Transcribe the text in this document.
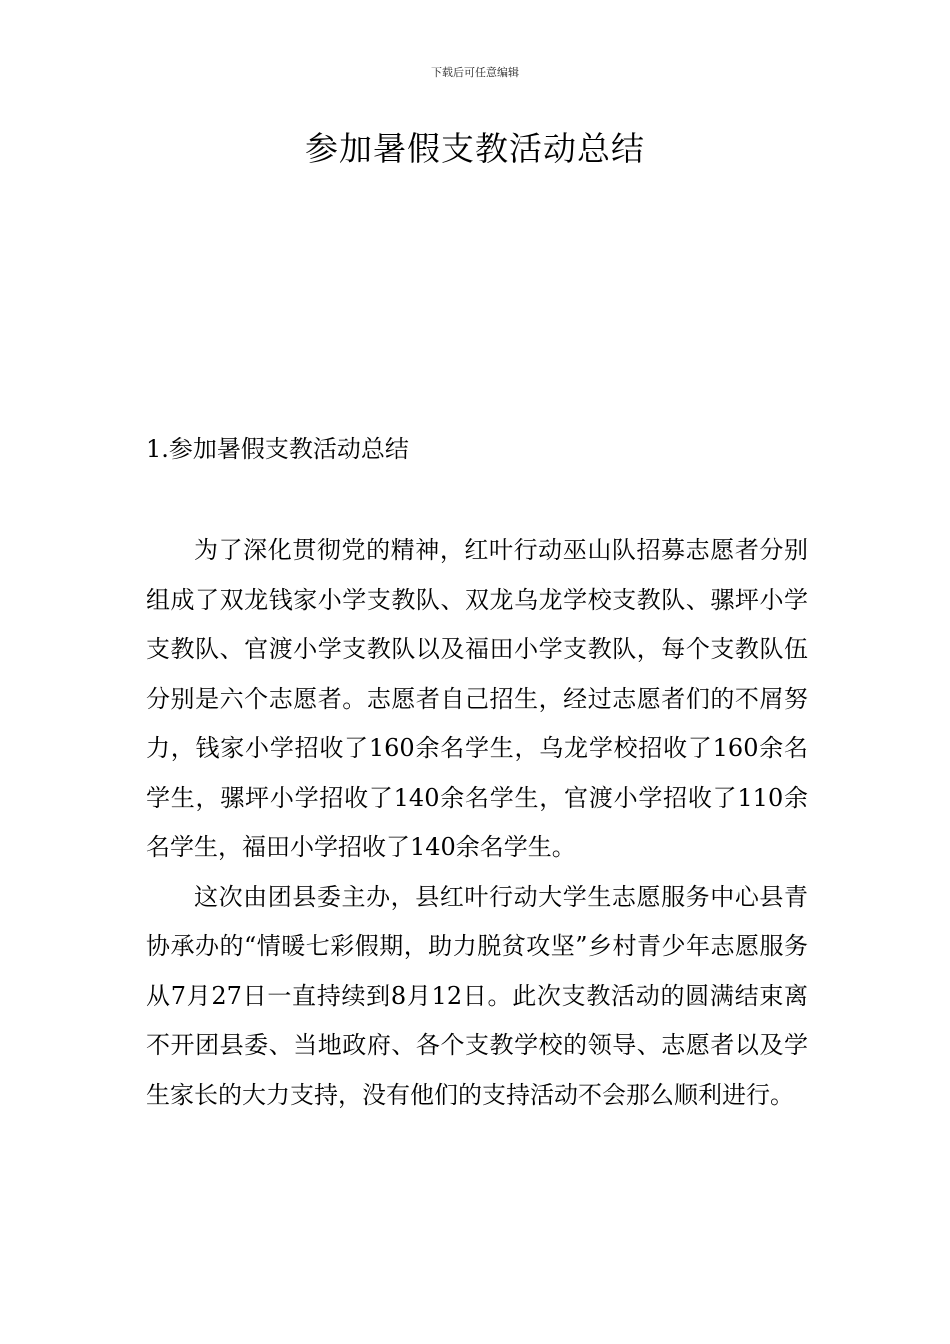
下载后可任意编辑
参加暑假支教活动总结
1.参加暑假支教活动总结

为了深化贯彻党的精神，红叶行动巫山队招募志愿者分别组成了双龙钱家小学支教队、双龙乌龙学校支教队、骡坪小学支教队、官渡小学支教队以及福田小学支教队，每个支教队伍分别是六个志愿者。志愿者自己招生，经过志愿者们的不屑努力，钱家小学招收了160余名学生，乌龙学校招收了160余名学生，骡坪小学招收了140余名学生，官渡小学招收了110余名学生，福田小学招收了140余名学生。

这次由团县委主办，县红叶行动大学生志愿服务中心县青协承办的“情暖七彩假期，助力脱贫攻坚”乡村青少年志愿服务从7月27日一直持续到8月12日。此次支教活动的圆满结束离不开团县委、当地政府、各个支教学校的领导、志愿者以及学生家长的大力支持，没有他们的支持活动不会那么顺利进行。
